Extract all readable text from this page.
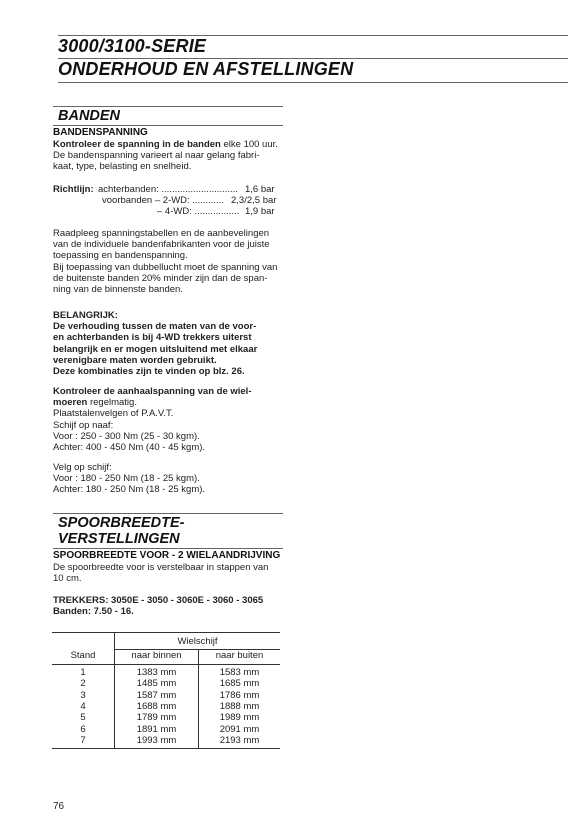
3000/3100-SERIE
ONDERHOUD EN AFSTELLINGEN
BANDEN
BANDENSPANNING
Kontroleer de spanning in de banden elke 100 uur.
De bandenspanning varieert al naar gelang fabri-
kaat, type, belasting en snelheid.
Richtlijn: achterbanden: ............................. 1,6 bar
voorbanden – 2-WD: ............ 2,3/2,5 bar
– 4-WD: ................. 1,9 bar
Raadpleeg spanningstabellen en de aanbevelingen
van de individuele bandenfabrikanten voor de juiste
toepassing en bandenspanning.
Bij toepassing van dubbellucht moet de spanning van
de buitenste banden 20% minder zijn dan de span-
ning van de binnenste banden.
BELANGRIJK:
De verhouding tussen de maten van de voor-
en achterbanden is bij 4-WD trekkers uiterst
belangrijk en er mogen uitsluitend met elkaar
verenigbare maten worden gebruikt.
Deze kombinaties zijn te vinden op blz. 26.
Kontroleer de aanhaalspanning van de wiel-
moeren regelmatig.
Plaatstalenvelgen of P.A.V.T.
Schijf op naaf:
Voor : 250 - 300 Nm (25 - 30 kgm).
Achter: 400 - 450 Nm (40 - 45 kgm).
Velg op schijf:
Voor : 180 - 250 Nm (18 - 25 kgm).
Achter: 180 - 250 Nm (18 - 25 kgm).
SPOORBREEDTE-
VERSTELLINGEN
SPOORBREEDTE VOOR - 2 WIELAANDRIJVING
De spoorbreedte voor is verstelbaar in stappen van
10 cm.
TREKKERS: 3050E - 3050 - 3060E - 3060 - 3065
Banden: 7.50 - 16.
	Wielschijf	
Stand	naar binnen	naar buiten
1	1383 mm	1583 mm
2	1485 mm	1685 mm
3	1587 mm	1786 mm
4	1688 mm	1888 mm
5	1789 mm	1989 mm
6	1891 mm	2091 mm
7	1993 mm	2193 mm
76
